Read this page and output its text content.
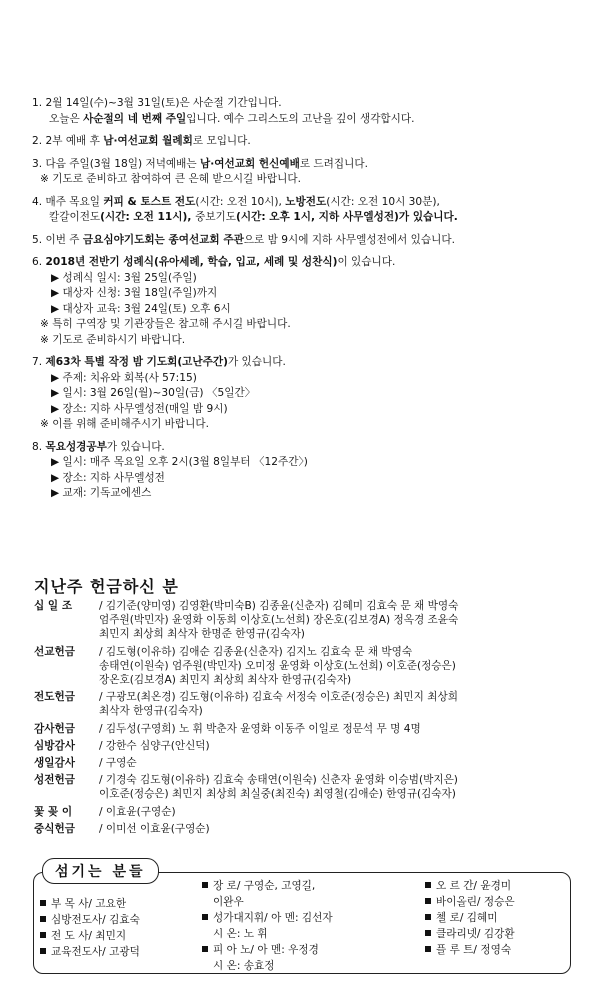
1. 2월 14일(수)~3월 31일(토)은 사순절 기간입니다.
오늘은 사순절의 네 번째 주일입니다. 예수 그리스도의 고난을 깊이 생각합시다.
2. 2부 예배 후 남·여선교회 월례회로 모입니다.
3. 다음 주일(3월 18일) 저녁예배는 남·여선교회 헌신예배로 드려집니다.
※ 기도로 준비하고 참여하여 큰 은혜 받으시길 바랍니다.
4. 매주 목요일 커피 & 토스트 전도(시간: 오전 10시), 노방전도(시간: 오전 10시 30분),
칼갈이전도(시간: 오전 11시), 중보기도(시간: 오후 1시, 지하 사무엘성전)가 있습니다.
5. 이번 주 금요심야기도회는 종여선교회 주관으로 밤 9시에 지하 사무엘성전에서 있습니다.
6. 2018년 전반기 성례식(유아세례, 학습, 입교, 세례 및 성찬식)이 있습니다.
▶ 성례식 일시: 3월 25일(주일)
▶ 대상자 신청: 3월 18일(주일)까지
▶ 대상자 교육: 3월 24일(토) 오후 6시
※ 특히 구역장 및 기관장들은 참고해 주시길 바랍니다.
※ 기도로 준비하시기 바랍니다.
7. 제63차 특별 작정 밤 기도회(고난주간)가 있습니다.
▶ 주제: 치유와 회복(사 57:15)
▶ 일시: 3월 26일(월)~30일(금) 〈5일간〉
▶ 장소: 지하 사무엘성전(매일 밤 9시)
※ 이를 위해 준비해주시기 바랍니다.
8. 목요성경공부가 있습니다.
▶ 일시: 매주 목요일 오후 2시(3월 8일부터 〈12주간〉)
▶ 장소: 지하 사무엘성전
▶ 교재: 기독교에센스
지난주 헌금하신 분
십 일 조	/ 김기준(양미영) 김영환(박미숙B) 김종윤(신춘자) 김혜미 김효숙 문 채 박영숙
엄주원(박민자) 윤영화 이동희 이상호(노선희) 장온호(김보경A) 정옥경 조윤숙
최민지 최상희 최삭자 한명준 한영규(김숙자)
선교헌금	/ 김도형(이유하) 김애순 김종윤(신춘자) 김지노 김효숙 문 채 박영숙
송태연(이원숙) 엄주원(박민자) 오미정 윤영화 이상호(노선희) 이호준(정승은)
장온호(김보경A) 최민지 최상희 최삭자 한영규(김숙자)
전도헌금	/ 구광모(최온경) 김도형(이유하) 김효숙 서정숙 이호준(정승은) 최민지 최상희
최삭자 한영규(김숙자)
감사헌금	/ 김두성(구영희) 노 휘 박춘자 윤영화 이동주 이일로 정문석 무 명 4명
심방감사	/ 강한수 심양구(안신덕)
생일감사	/ 구영순
성전헌금	/ 기경숙 김도형(이유하) 김효숙 송태연(이원숙) 신춘자 윤영화 이승범(박지은)
이호준(정승은) 최민지 최상희 최실중(최진숙) 최영철(김애순) 한영규(김숙자)
꽃 꽂 이	/ 이효윤(구영순)
중식헌금	/ 이미선 이효윤(구영순)
섬기는 분들
부 목 사/ 고요한
심방전도사/ 김효숙
전 도 사/ 최민지
교육전도사/ 고광덕
장 로/ 구영순, 고영길,
이완우
성가대지휘/ 아 멘: 김선자
시 온: 노 휘
피 아 노/ 아 멘: 우정경
시 온: 송효정
오 르 간/ 윤경미
바이올린/ 정승은
첼 로/ 김혜미
클라리넷/ 김강환
플 루 트/ 정영숙
